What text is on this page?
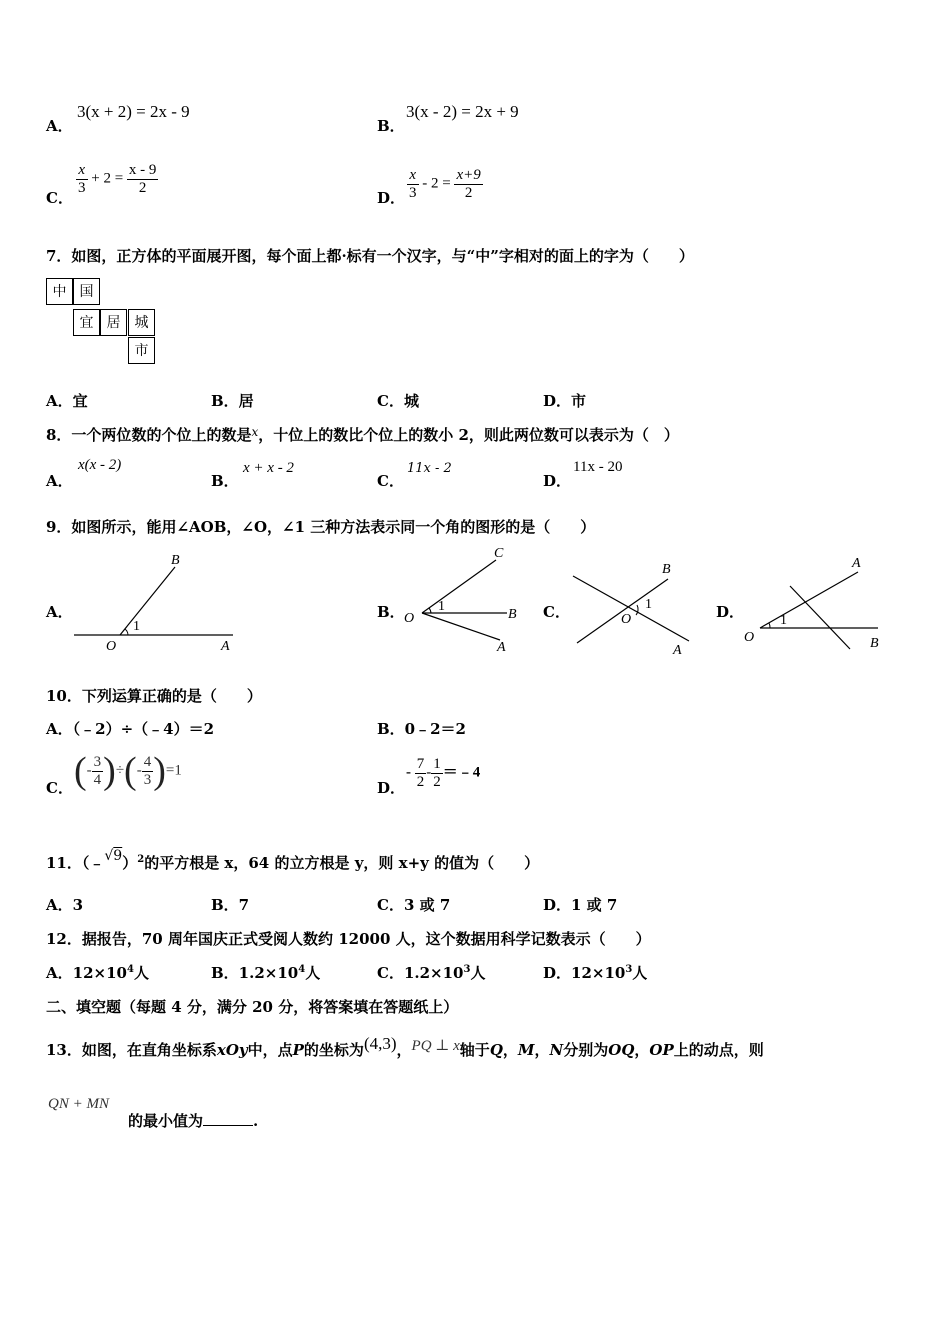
A．
3(x + 2) = 2x - 9
B．
3(x - 2) = 2x + 9
C．
$\frac{x}{3} + 2 = \frac{x - 9}{2}$
D． $\frac{x}{3} - 2 = \frac{x+9}{2}$
7．如图，正方体的平面展开图，每个面上都·标有一个汉字，与“中”字相对的面上的字为（　　）
中 国
宜 居	城
市
A．宜	B．居	C．城	D．市
8．一个两位数的个位上的数是$^x$，十位上的数比个位上的数小 2，则此两位数可以表示为（　）
A．
x(x - 2)
B．
x + x - 2
C．
11x - 2
D．
11x - 20
9．如图所示，能用∠AOB，∠O，∠1 三种方法表示同一个角的图形的是（　　）
A．
B
1
O	A
B．
C
1
B
O
A
C．
B
1
O
A
D．
A
1
O	B
10．下列运算正确的是（　　）
A．（﹣2）÷（﹣4）＝2	B．0﹣2＝2
C． (- $\frac{3}{4}$ )÷(- $\frac{4}{3} )=1$
D．
- $\frac{7}{2} - \frac{1}{2}$ ＝﹣4
11．（﹣√9）$^2$的平方根是 x，64 的立方根是 y，则 x+y 的值为（　　）
A．3	B．7	C．3 或 7	D．1 或 7
12．据报告，70 周年国庆正式受阅人数约 12000 人，这个数据用科学记数表示（　　）
A．$12\times 10^4$人	B．$1.2\times 10^4$人	C．$1.2\times 10^3$人	D．$12\times 10^3$人
二、填空题（每题 4 分，满分 20 分，将答案填在答题纸上）
13．如图，在直角坐标系xOy中，点P的坐标为(4,3)，PQ ⊥ x轴于Q，M，N分别为OQ，OP上的动点，则
QN + MN
的最小值为	.
